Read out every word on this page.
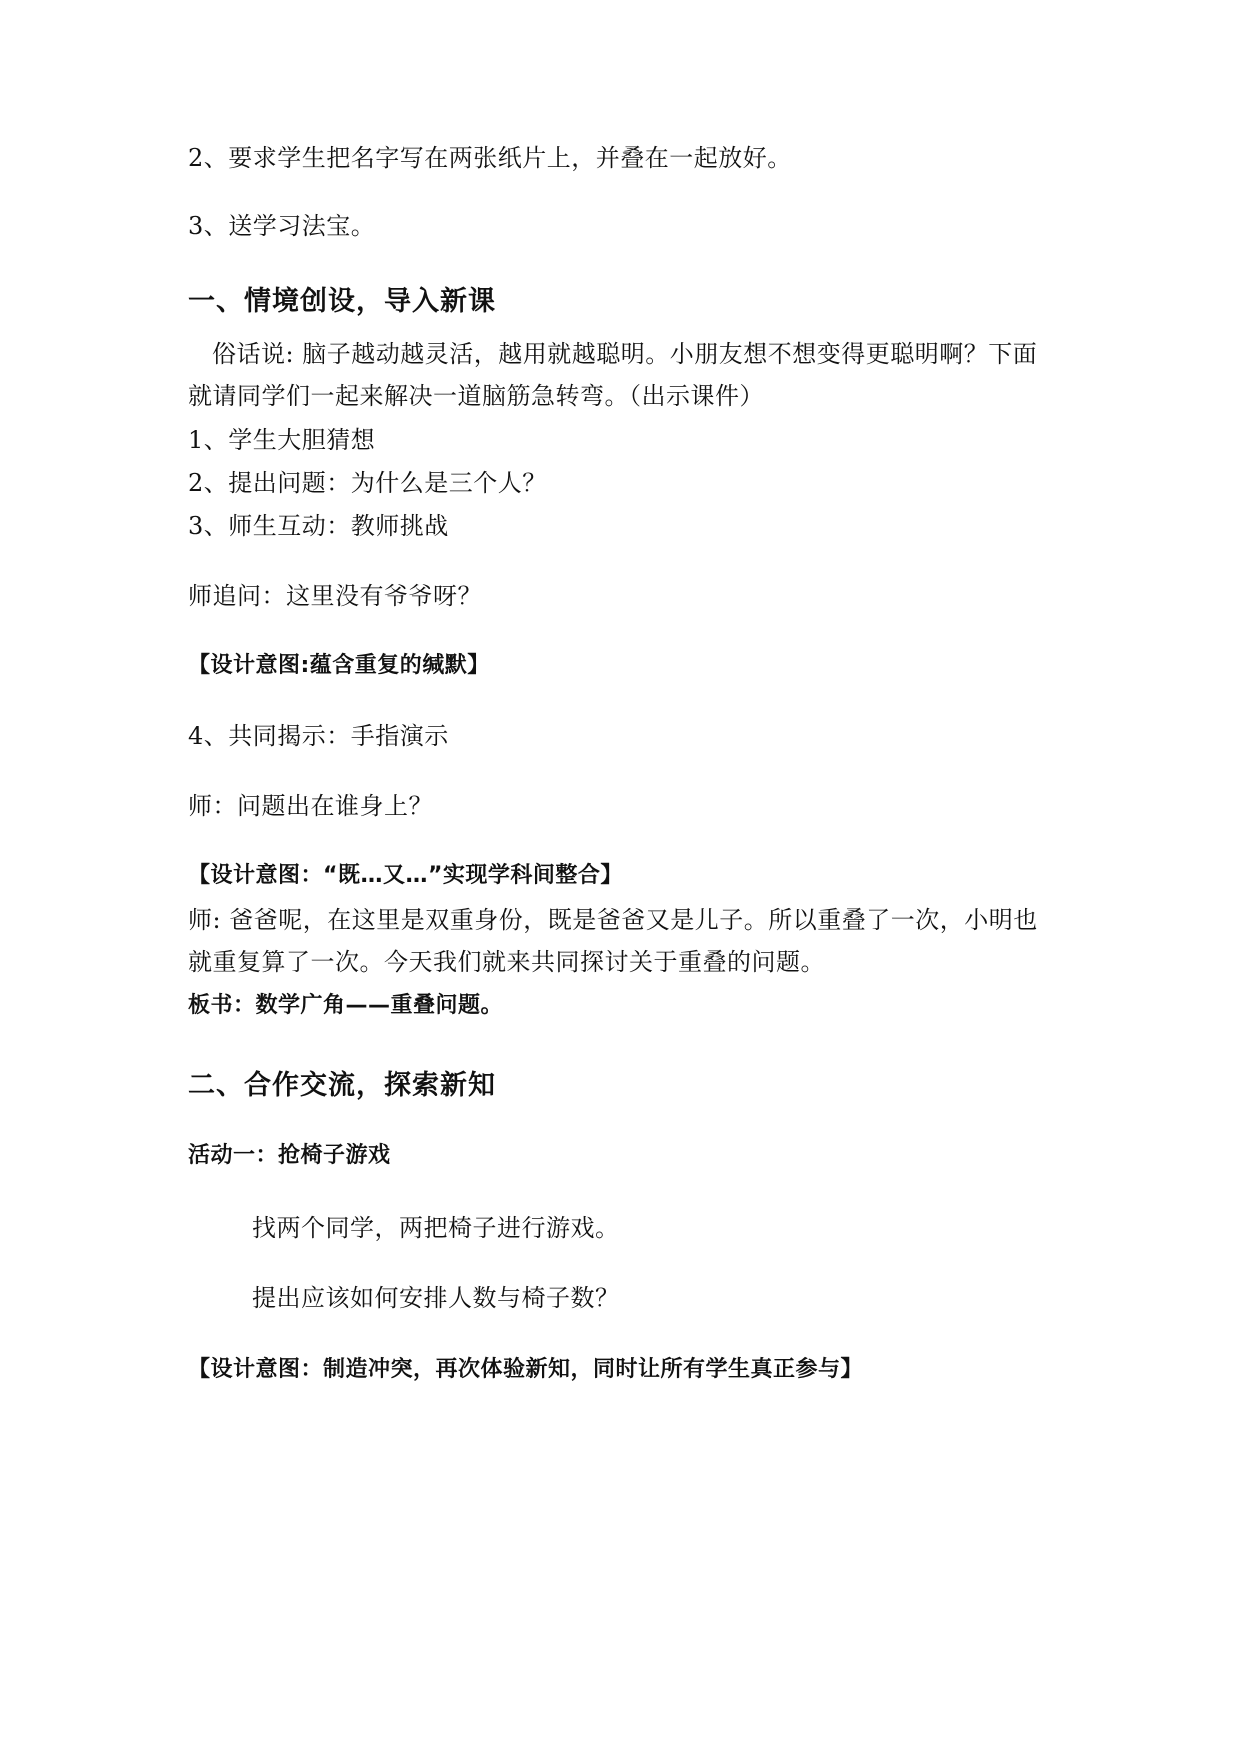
2、要求学生把名字写在两张纸片上，并叠在一起放好。
3、送学习法宝。
一、情境创设，导入新课
俗话说: 脑子越动越灵活，越用就越聪明。小朋友想不想变得更聪明啊？下面
就请同学们一起来解决一道脑筋急转弯。（出示课件）
1、学生大胆猜想
2、提出问题：为什么是三个人？
3、师生互动：教师挑战
师追问：这里没有爷爷呀？
【设计意图:蕴含重复的缄默】
4、共同揭示：手指演示
师：问题出在谁身上？
【设计意图：“既…又…”实现学科间整合】
师: 爸爸呢，在这里是双重身份，既是爸爸又是儿子。所以重叠了一次，小明也
就重复算了一次。今天我们就来共同探讨关于重叠的问题。
板书：数学广角——重叠问题。
二、合作交流，探索新知
活动一：抢椅子游戏
找两个同学，两把椅子进行游戏。
提出应该如何安排人数与椅子数？
【设计意图：制造冲突，再次体验新知，同时让所有学生真正参与】
